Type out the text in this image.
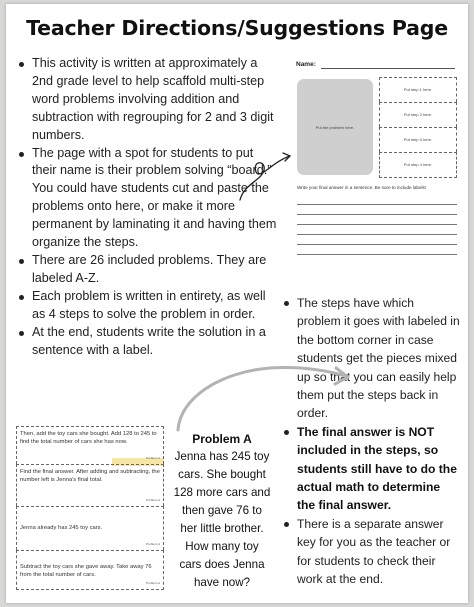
Teacher Directions/Suggestions Page
This activity is written at approximately a 2nd grade level to help scaffold multi-step word problems involving addition and subtraction with regrouping for 2 and 3 digit numbers.
The page with a spot for students to put their name is their problem solving “board.” You could have students cut and paste the problems onto here, or make it more permanent by laminating it and having them organize the steps.
There are 26 included problems. They are labeled A-Z.
Each problem is written in entirety, as well as 4 steps to solve the problem in order.
At the end, students write the solution in a sentence with a label.
Name:
Put the problem here.
Put step 1 here.
Put step 2 here.
Put step 3 here.
Put step 4 here.
Write your final answer in a sentence. Be sure to include labels!
The steps have which problem it goes with labeled in the bottom corner in case students get the pieces mixed up so that you can easily help them put the steps back in order.
The final answer is NOT included in the steps, so students still have to do the actual math to determine the final answer.
There is a separate answer key for you as the teacher or for students to check their work at the end.
Then, add the toy cars she bought. Add 128 to 245 to find the total number of cars she has now.
Problem A
Find the final answer. After adding and subtracting, the number left is Jenna's final total.
Problem A
Jenna already has 245 toy cars.
Problem A
Subtract the toy cars she gave away. Take away 76 from the total number of cars.
Problem A
Problem A
Jenna has 245 toy
cars. She bought
128 more cars and
then gave 76 to
her little brother.
How many toy
cars does Jenna
have now?
